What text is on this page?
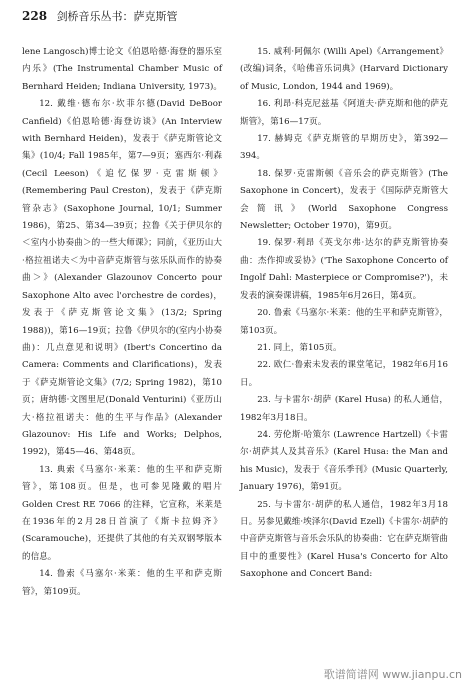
228 剑桥音乐丛书：萨克斯管

lene Langosch)博士论文《伯恩哈德·海登的器乐室内乐》(The Instrumental Chamber Music of Bernhard Heiden; Indiana University, 1973)。

12. 戴维·德布尔·坎菲尔德(David DeBoor Canfield)《伯恩哈德·海登访谈》(An Interview with Bernhard Heiden)，发表于《萨克斯管论文集》(10/4; Fall 1985年，第7—9页；塞西尔·利森(Cecil Leeson)《追忆保罗·克雷斯顿》(Remembering Paul Creston)，发表于《萨克斯管杂志》(Saxophone Journal, 10/1; Summer 1986)，第25、第34—39页；拉鲁《关于伊贝尔的＜室内小协奏曲＞的一些大师课》；同前，《亚历山大·格拉祖诺夫＜为中音萨克斯管与弦乐队而作的协奏曲＞》(Alexander Glazounov Concerto pour Saxophone Alto avec l'orchestre de cordes)，发表于《萨克斯管论文集》(13/2; Spring 1988))，第16—19页；拉鲁《伊贝尔的(室内小协奏曲)：几点意见和说明》(Ibert's Concertino da Camera: Comments and Clarifications)，发表于《萨克斯管论文集》(7/2; Spring 1982)，第10页；唐纳德·文图里尼(Donald Venturini)《亚历山大·格拉祖诺夫：他的生平与作品》(Alexander Glazounov: His Life and Works; Delphos, 1992)，第45—46、第48页。

13. 典索《马塞尔·米莱：他的生平和萨克斯管》，第108页。但是，也可参见隆戴的唱片 Golden Crest RE 7066 的注释，它宣称，米莱是在1936年的2月28日首演了《斯卡拉姆齐》(Scaramouche)，还提供了其他的有关双钢琴版本的信息。

14. 鲁索《马塞尔·米莱：他的生平和萨克斯管》，第109页。

15. 威利·阿佩尔 (Willi Apel)《Arrangement》(改编)词条，《哈佛音乐词典》(Harvard Dictionary of Music, London, 1944 and 1969)。

16. 利昂·科克尼兹基《阿道夫·萨克斯和他的萨克斯管》，第16—17页。

17. 赫姆克《萨克斯管的早期历史》，第392—394。

18. 保罗·克雷斯顿《音乐会的萨克斯管》(The Saxophone in Concert)，发表于《国际萨克斯管大会简讯》(World Saxophone Congress Newsletter; October 1970)，第9页。

19. 保罗·利昂《英戈尔弗·达尔的萨克斯管协奏曲：杰作抑或妥协》('The Saxophone Concerto of Ingolf Dahl: Masterpiece or Compromise?')，未发表的演奏课讲稿，1985年6月26日，第4页。

20. 鲁索《马塞尔·米莱：他的生平和萨克斯管》，第103页。

21. 同上，第105页。

22. 欧仁·鲁索未发表的课堂笔记，1982年6月16日。

23. 与卡雷尔·胡萨 (Karel Husa) 的私人通信，1982年3月18日。

24. 劳伦斯·哈策尔 (Lawrence Hartzell)《卡雷尔·胡萨其人及其音乐》(Karel Husa: the Man and his Music)，发表于《音乐季刊》(Music Quarterly, January 1976)，第91页。

25. 与卡雷尔·胡萨的私人通信，1982年3月18日。另参见戴维·埃泽尔(David Ezell)《卡雷尔·胡萨的中音萨克斯管与音乐会乐队的协奏曲：它在萨克斯管曲目中的重要性》(Karel Husa's Concerto for Alto Saxophone and Concert Band:

歌谱简谱网 www.jianpu.cn
